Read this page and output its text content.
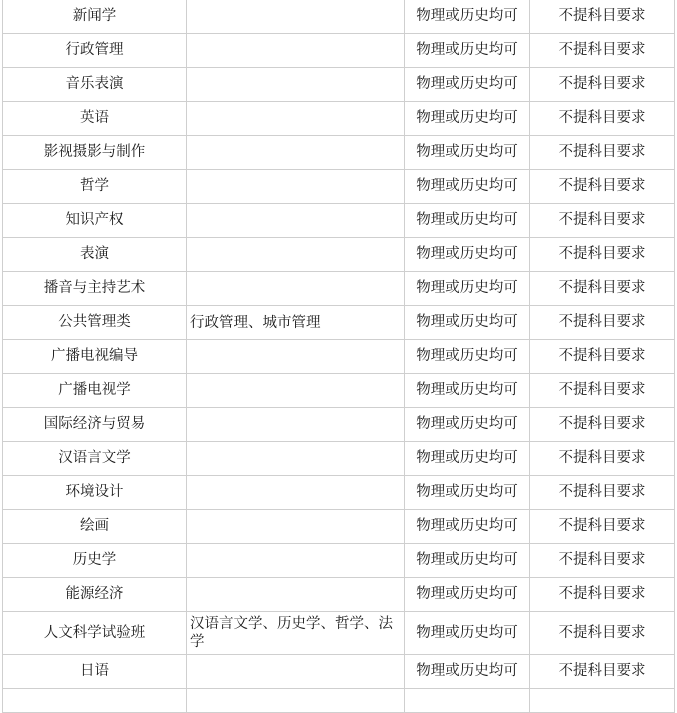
新闻学		物理或历史均可	不提科目要求
行政管理		物理或历史均可	不提科目要求
音乐表演		物理或历史均可	不提科目要求
英语		物理或历史均可	不提科目要求
影视摄影与制作		物理或历史均可	不提科目要求
哲学		物理或历史均可	不提科目要求
知识产权		物理或历史均可	不提科目要求
表演		物理或历史均可	不提科目要求
播音与主持艺术		物理或历史均可	不提科目要求
公共管理类	行政管理、城市管理	物理或历史均可	不提科目要求
广播电视编导		物理或历史均可	不提科目要求
广播电视学		物理或历史均可	不提科目要求
国际经济与贸易		物理或历史均可	不提科目要求
汉语言文学		物理或历史均可	不提科目要求
环境设计		物理或历史均可	不提科目要求
绘画		物理或历史均可	不提科目要求
历史学		物理或历史均可	不提科目要求
能源经济		物理或历史均可	不提科目要求
人文科学试验班	汉语言文学、历史学、哲学、法学	物理或历史均可	不提科目要求
日语		物理或历史均可	不提科目要求
